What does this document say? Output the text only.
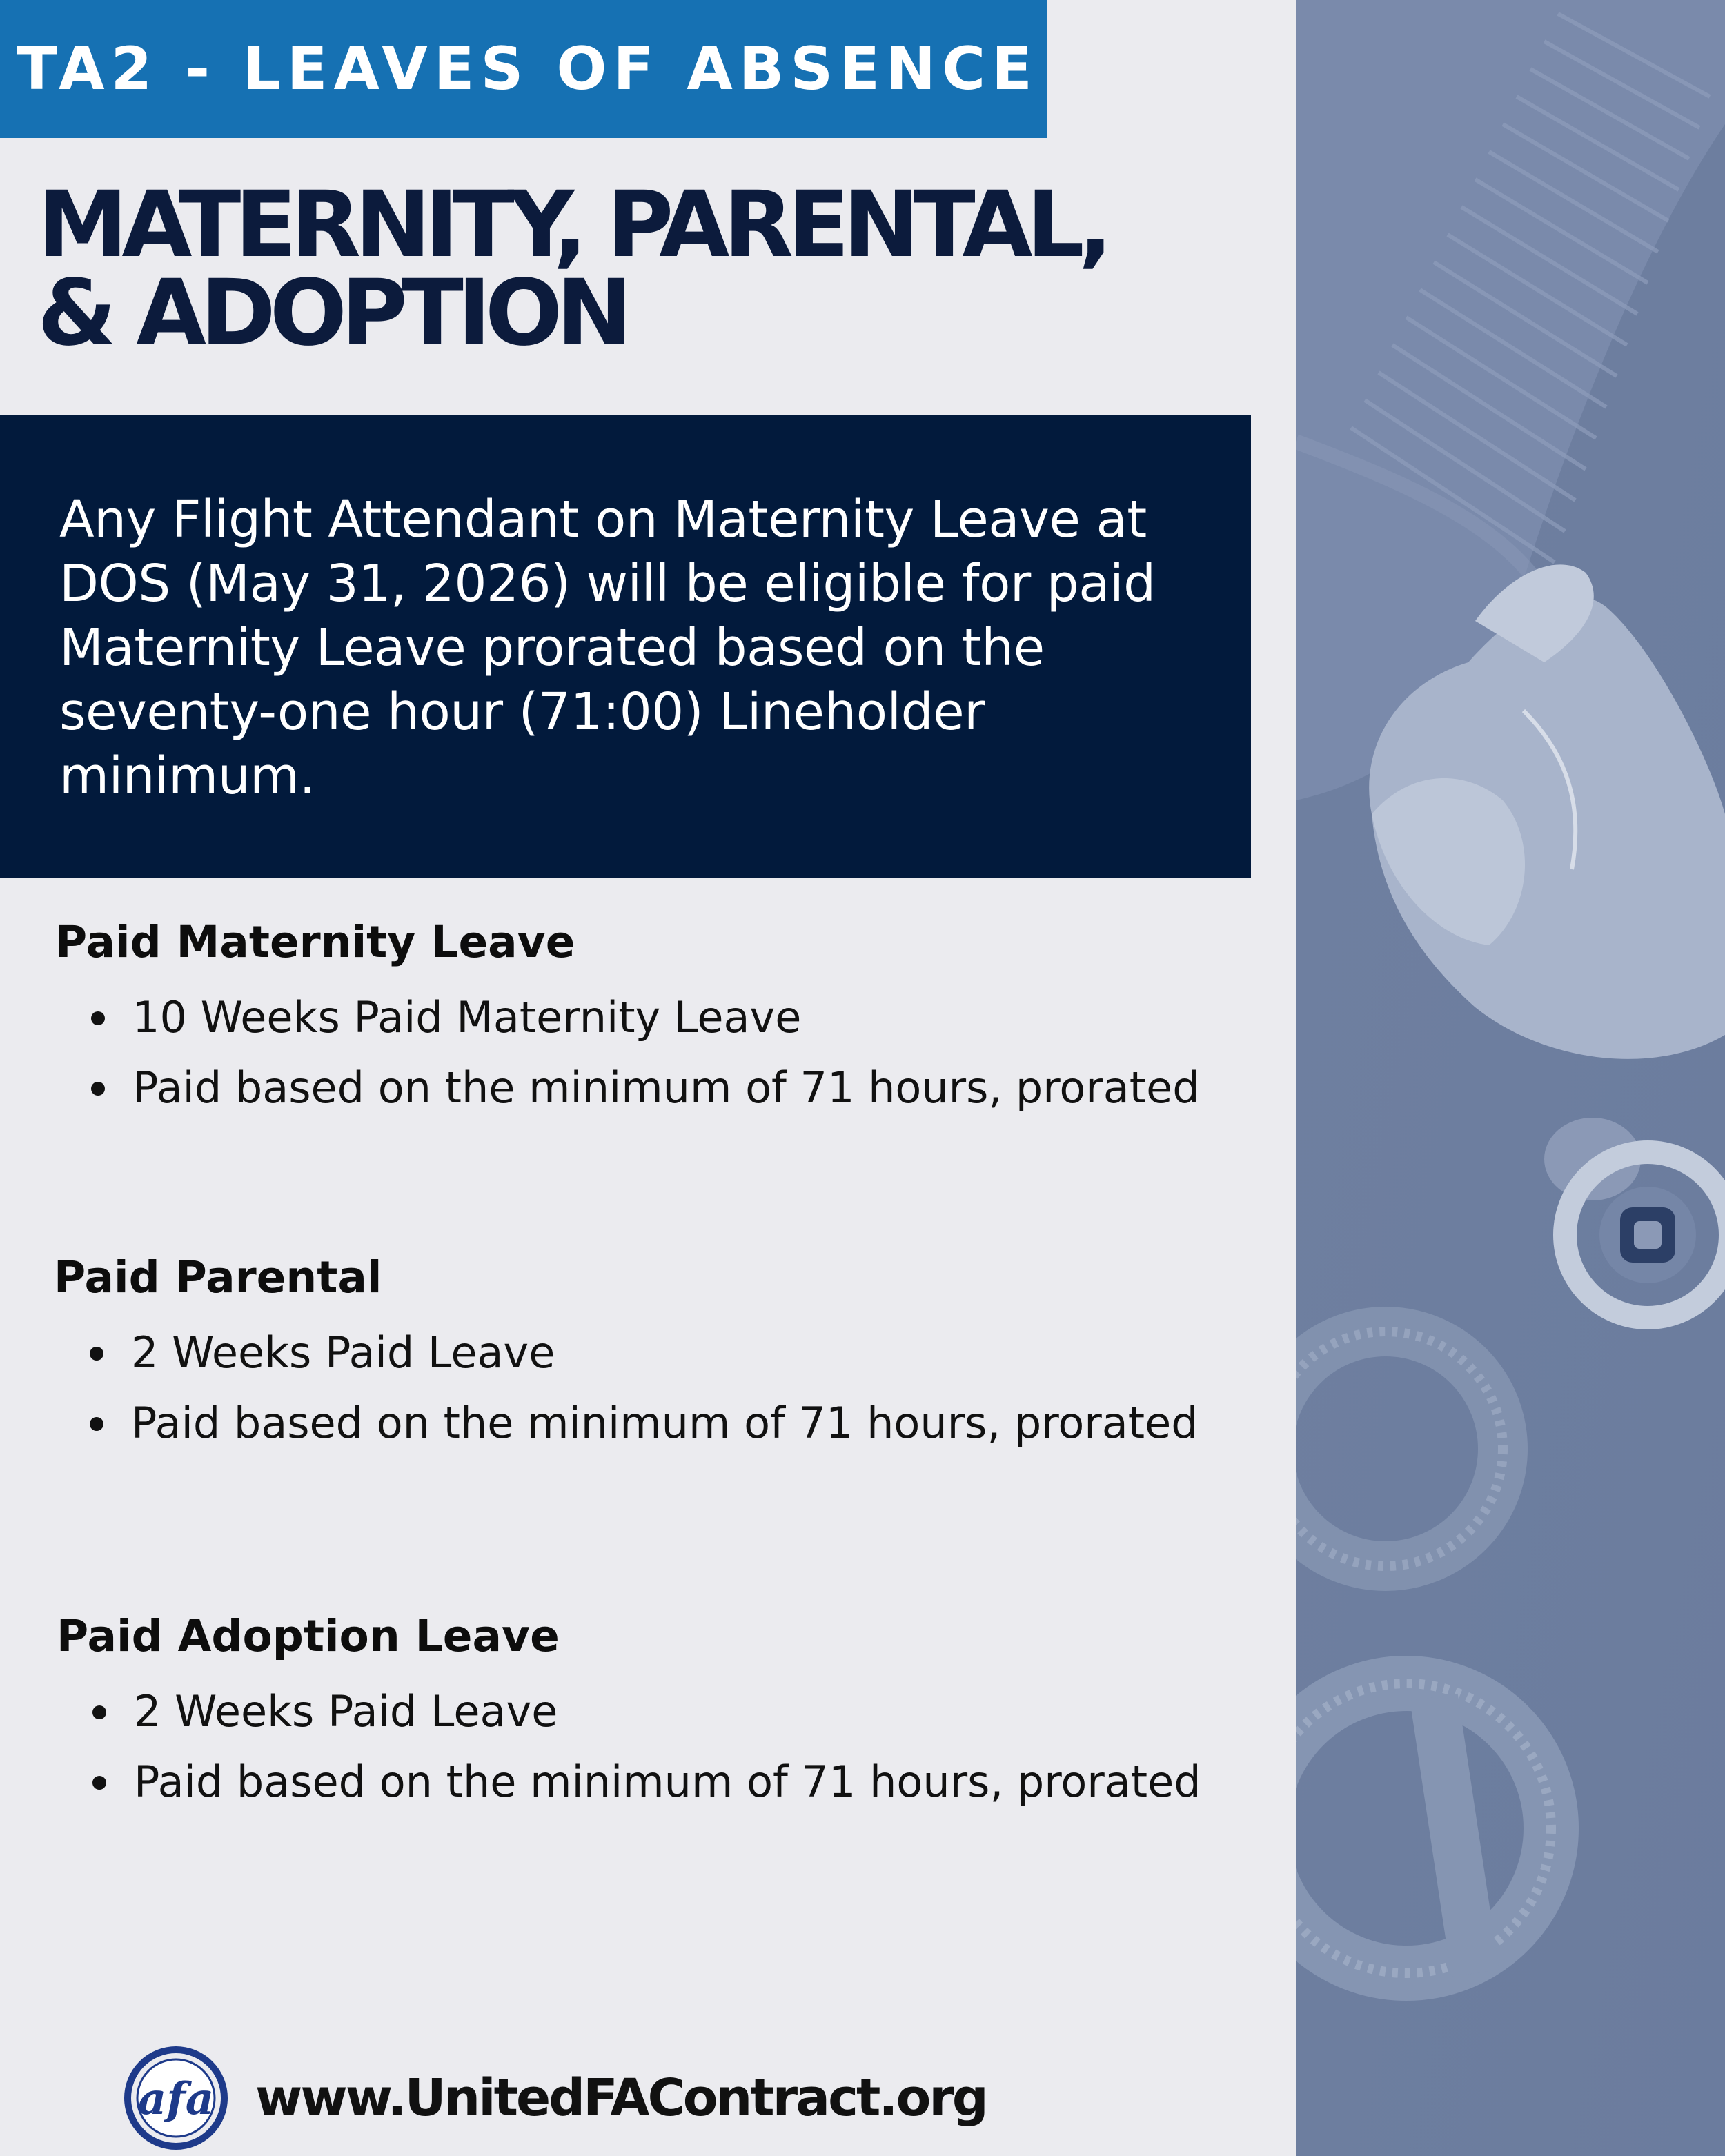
TA2 - LEAVES OF ABSENCE
MATERNITY, PARENTAL,
& ADOPTION

Any Flight Attendant on Maternity Leave at DOS (May 31, 2026) will be eligible for paid Maternity Leave prorated based on the seventy-one hour (71:00) Lineholder minimum.

Paid Maternity Leave
10 Weeks Paid Maternity Leave
Paid based on the minimum of 71 hours, prorated
Paid Parental
2 Weeks Paid Leave
Paid based on the minimum of 71 hours, prorated
Paid Adoption Leave
2 Weeks Paid Leave
Paid based on the minimum of 71 hours, prorated
afa www.UnitedFAContract.org
